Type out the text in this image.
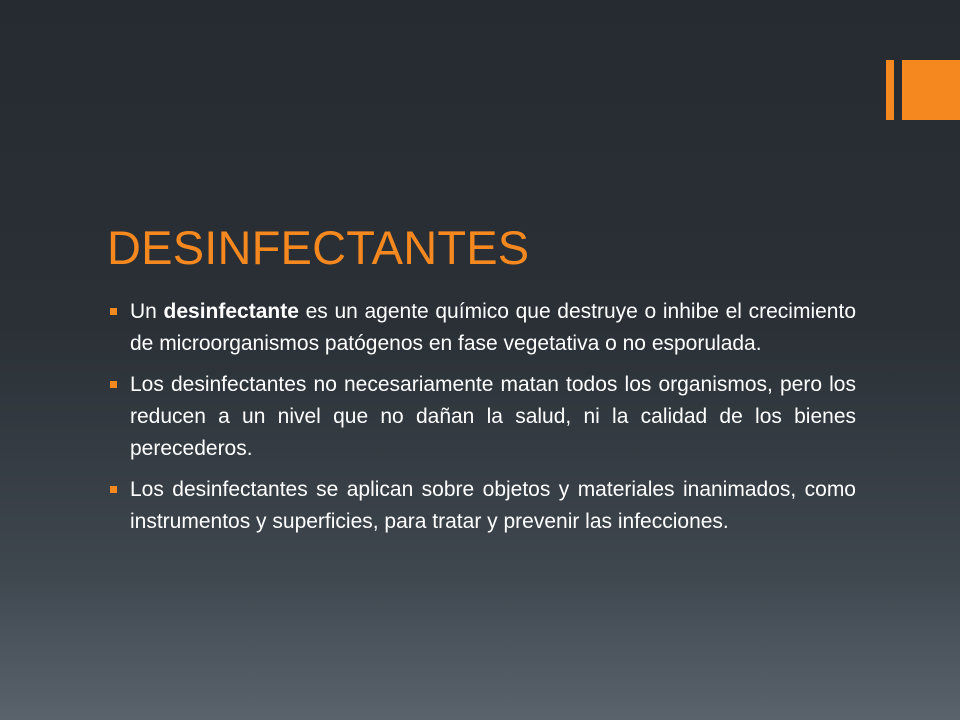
DESINFECTANTES
Un desinfectante es un agente químico que destruye o inhibe el crecimiento de microorganismos patógenos en fase vegetativa o no esporulada.
Los desinfectantes no necesariamente matan todos los organismos, pero los reducen a un nivel que no dañan la salud, ni la calidad de los bienes perecederos.
Los desinfectantes se aplican sobre objetos y materiales inanimados, como instrumentos y superficies, para tratar y prevenir las infecciones.
